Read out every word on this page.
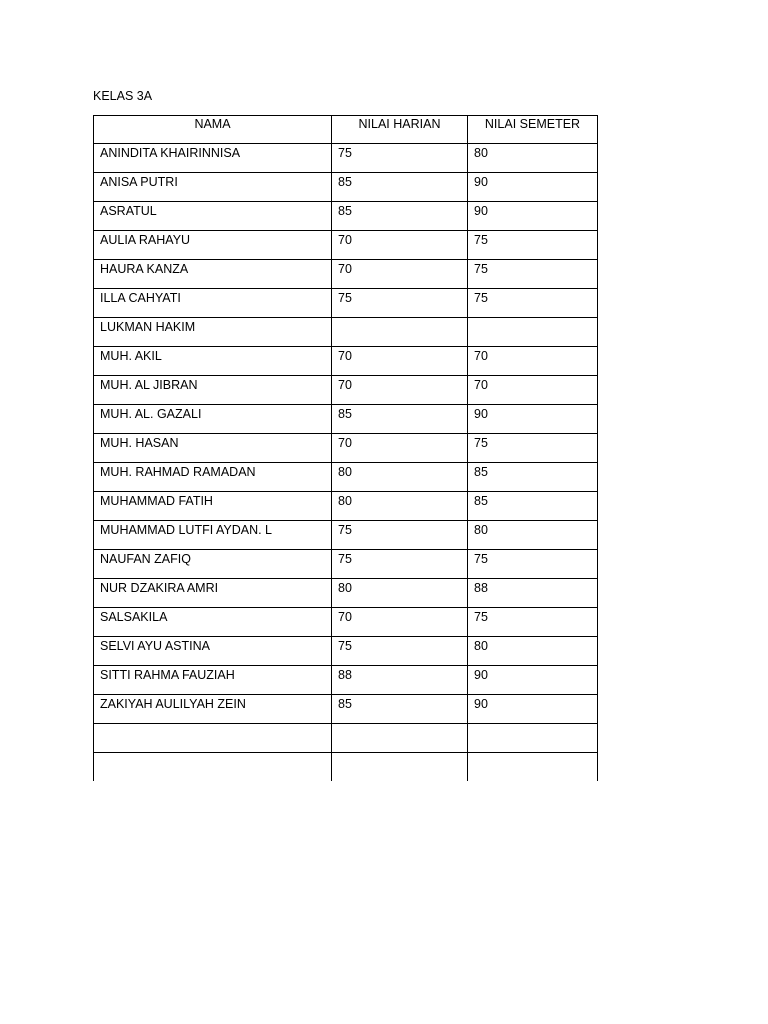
KELAS 3A

NAMA	NILAI HARIAN	NILAI SEMETER
ANINDITA KHAIRINNISA	75	80
ANISA PUTRI	85	90
ASRATUL	85	90
AULIA RAHAYU	70	75
HAURA KANZA	70	75
ILLA CAHYATI	75	75
LUKMAN HAKIM		
MUH. AKIL	70	70
MUH. AL JIBRAN	70	70
MUH. AL. GAZALI	85	90
MUH. HASAN	70	75
MUH. RAHMAD RAMADAN	80	85
MUHAMMAD FATIH	80	85
MUHAMMAD LUTFI AYDAN. L	75	80
NAUFAN ZAFIQ	75	75
NUR DZAKIRA AMRI	80	88
SALSAKILA	70	75
SELVI AYU ASTINA	75	80
SITTI RAHMA FAUZIAH	88	90
ZAKIYAH AULILYAH ZEIN	85	90
